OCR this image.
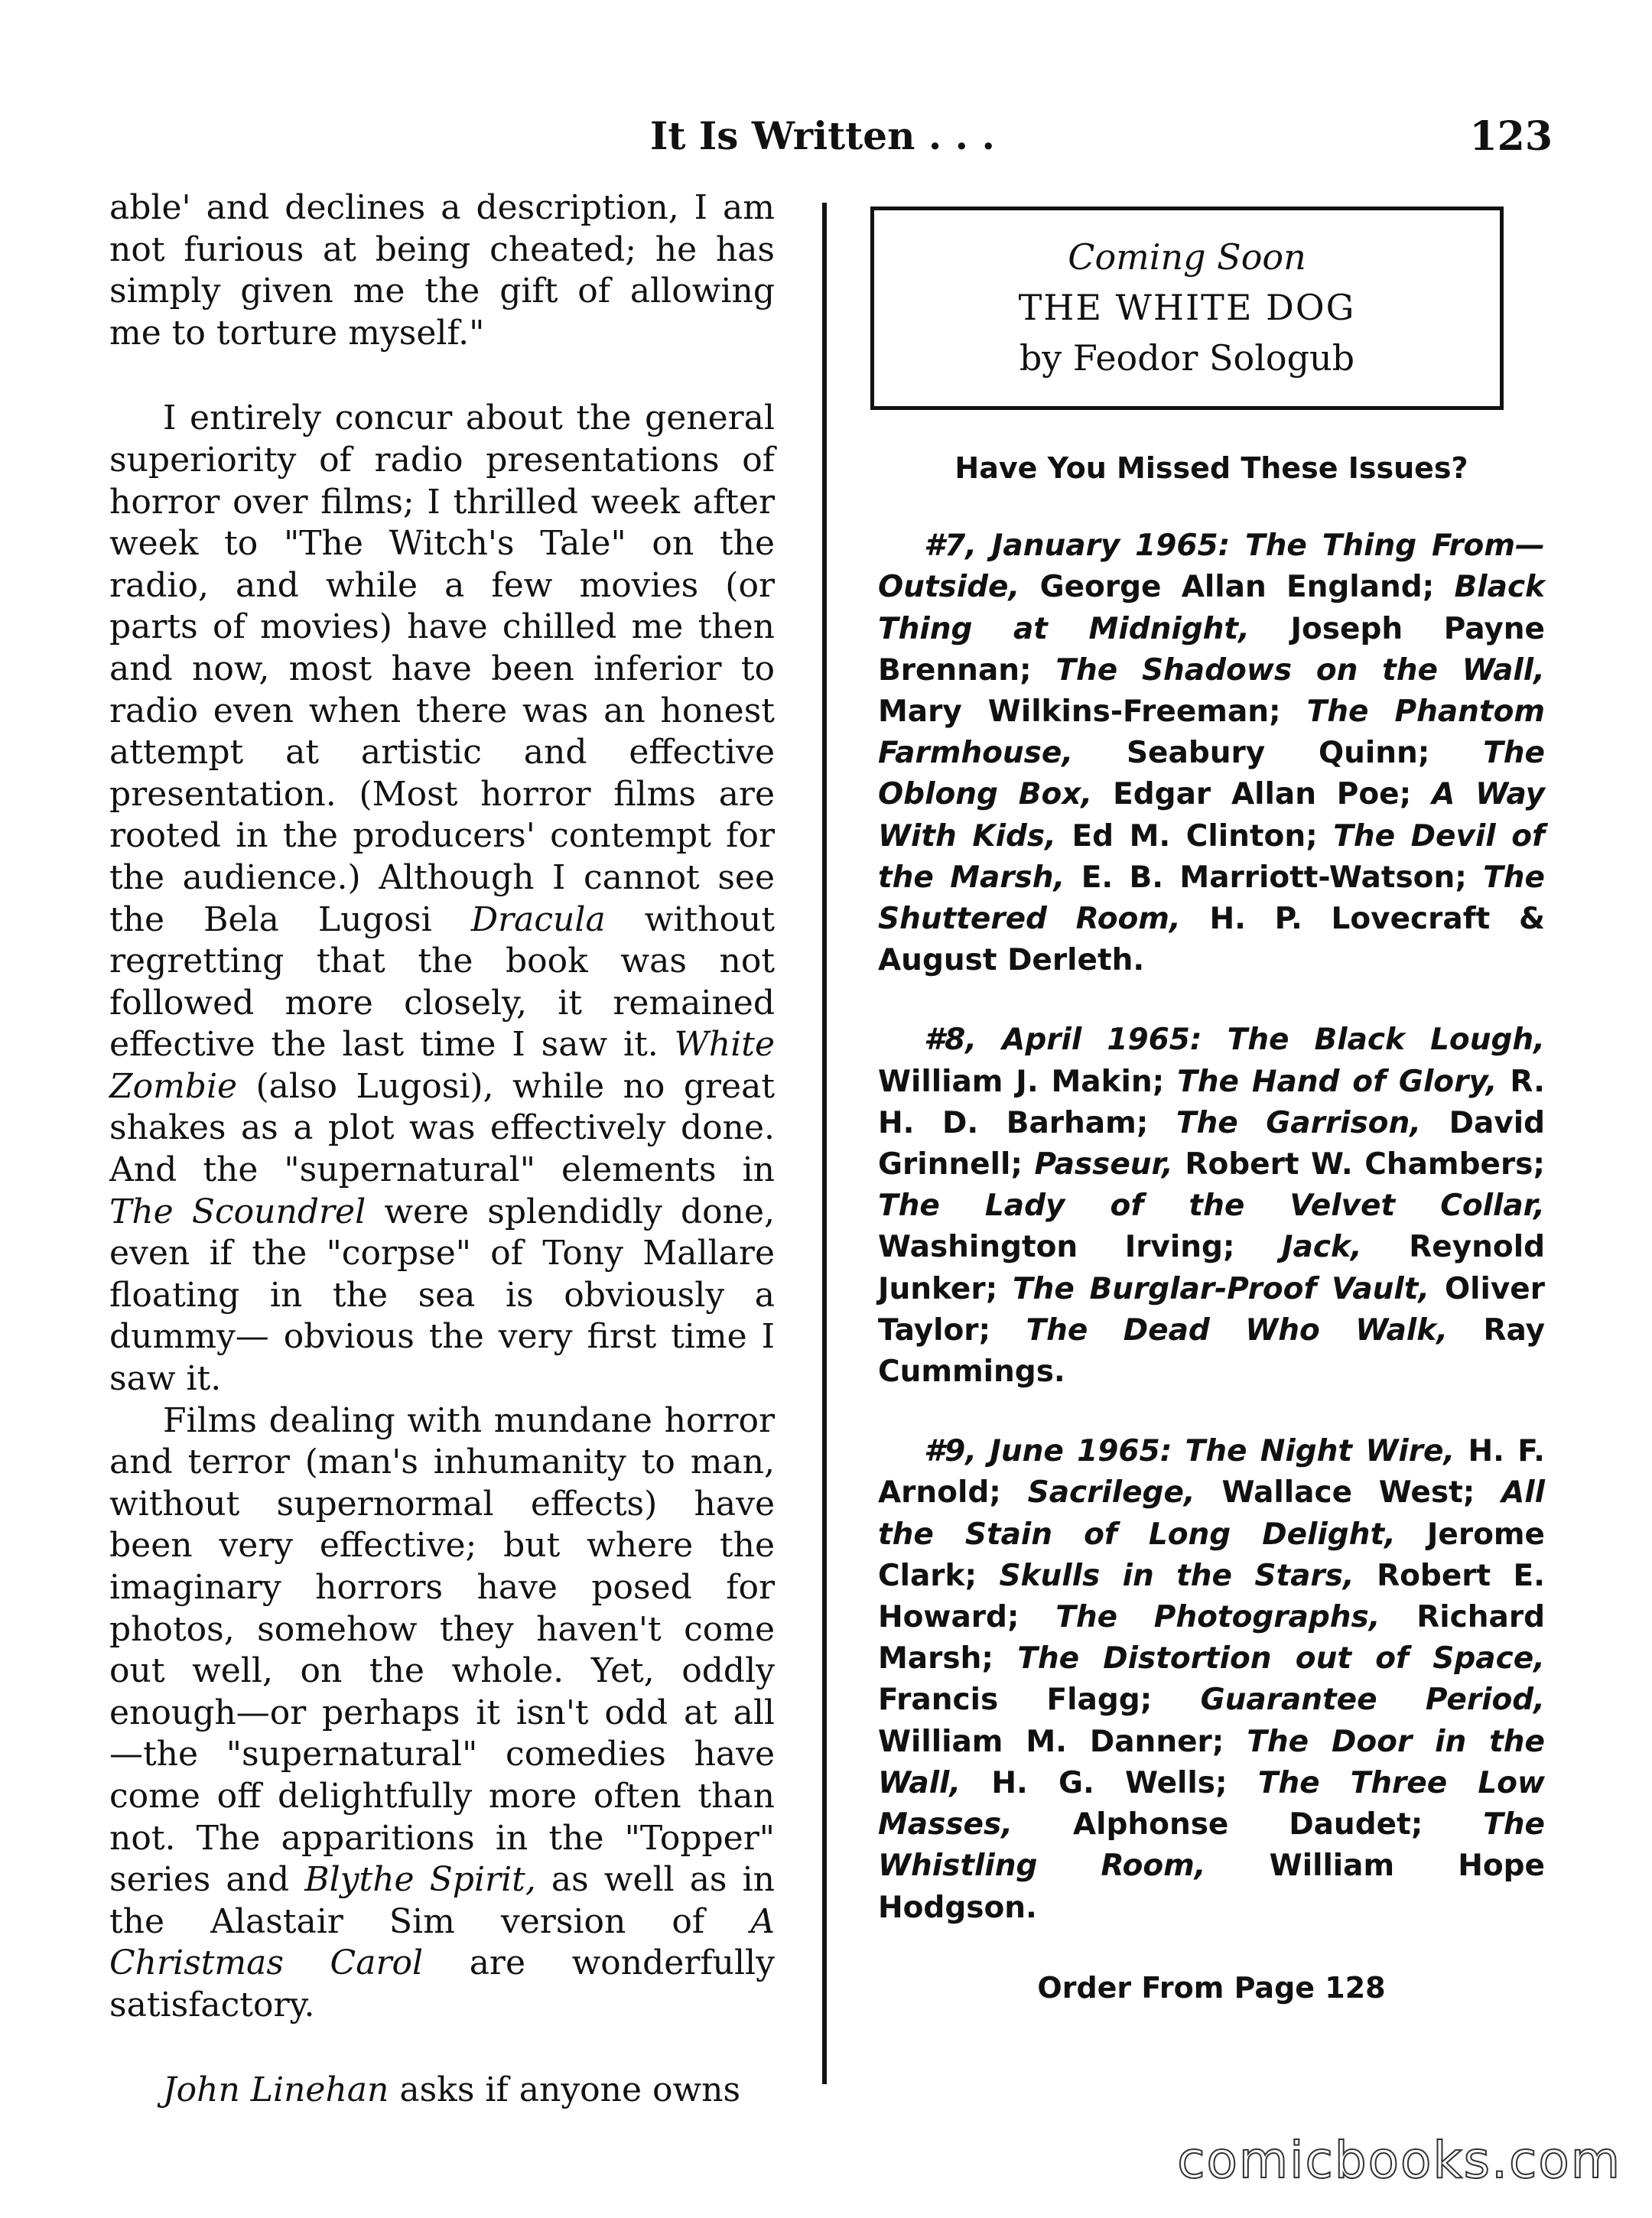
It Is Written . . .	123

able' and declines a description, I am not furious at being cheated; he has simply given me the gift of allowing me to torture myself."

I entirely concur about the general superiority of radio presentations of horror over films; I thrilled week after week to "The Witch's Tale" on the radio, and while a few movies (or parts of movies) have chilled me then and now, most have been inferior to radio even when there was an honest attempt at artistic and effective presentation. (Most horror films are rooted in the producers' contempt for the audience.) Although I cannot see the Bela Lugosi Dracula without regretting that the book was not followed more closely, it remained effective the last time I saw it. White Zombie (also Lugosi), while no great shakes as a plot was effectively done. And the "supernatural" elements in The Scoundrel were splendidly done, even if the "corpse" of Tony Mallare floating in the sea is obviously a dummy— obvious the very first time I saw it.

Films dealing with mundane horror and terror (man's inhumanity to man, without supernormal effects) have been very effective; but where the imaginary horrors have posed for photos, somehow they haven't come out well, on the whole. Yet, oddly enough—or perhaps it isn't odd at all—the "supernatural" comedies have come off delightfully more often than not. The apparitions in the "Topper" series and Blythe Spirit, as well as in the Alastair Sim version of A Christmas Carol are wonderfully satisfactory.

John Linehan asks if anyone owns

Coming Soon
THE WHITE DOG
by Feodor Sologub
Have You Missed These Issues?

#7, January 1965: The Thing From—Outside, George Allan England; Black Thing at Midnight, Joseph Payne Brennan; The Shadows on the Wall, Mary Wilkins-Freeman; The Phantom Farmhouse, Seabury Quinn; The Oblong Box, Edgar Allan Poe; A Way With Kids, Ed M. Clinton; The Devil of the Marsh, E. B. Marriott-Watson; The Shuttered Room, H. P. Lovecraft & August Derleth.

#8, April 1965: The Black Lough, William J. Makin; The Hand of Glory, R. H. D. Barham; The Garrison, David Grinnell; Passeur, Robert W. Chambers; The Lady of the Velvet Collar, Washington Irving; Jack, Reynold Junker; The Burglar-Proof Vault, Oliver Taylor; The Dead Who Walk, Ray Cummings.

#9, June 1965: The Night Wire, H. F. Arnold; Sacrilege, Wallace West; All the Stain of Long Delight, Jerome Clark; Skulls in the Stars, Robert E. Howard; The Photographs, Richard Marsh; The Distortion out of Space, Francis Flagg; Guarantee Period, William M. Danner; The Door in the Wall, H. G. Wells; The Three Low Masses, Alphonse Daudet; The Whistling Room, William Hope Hodgson.

Order From Page 128
comicbooks.com
